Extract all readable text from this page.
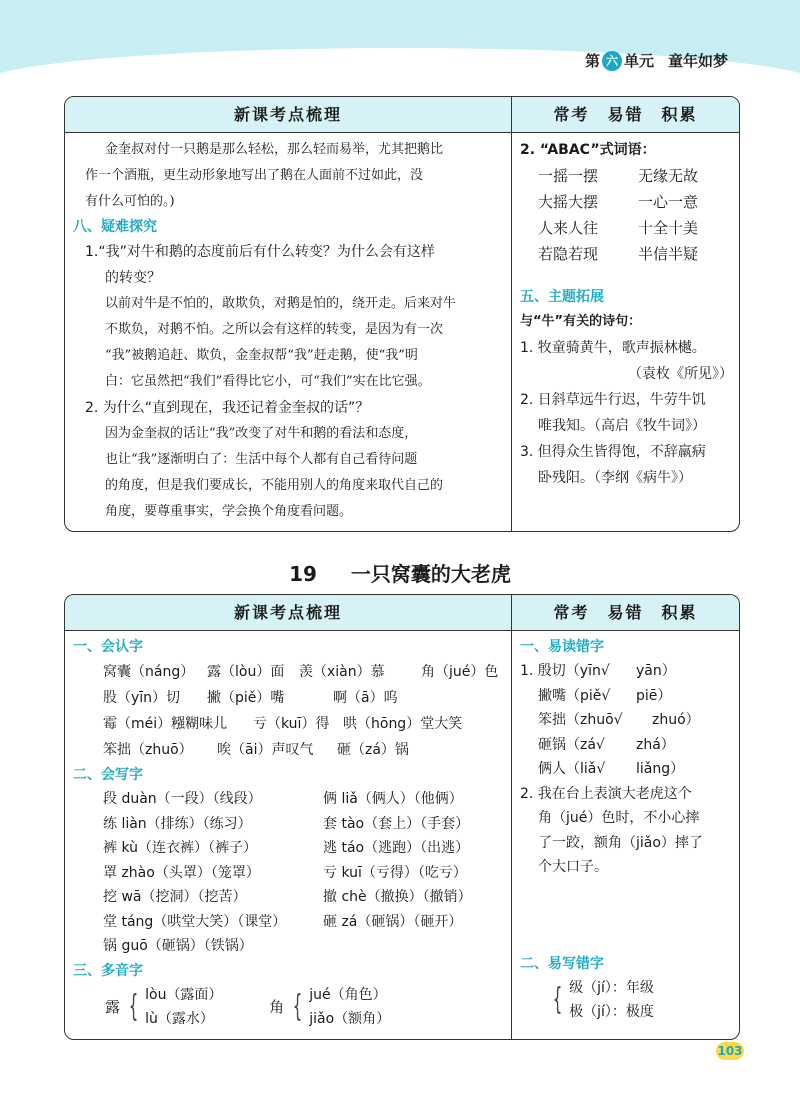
第 六 单元 童年如梦
新课考点梳理	常考 易错 积累
金奎叔对付一只鹅是那么轻松，那么轻而易举，尤其把鹅比
作一个酒瓶，更生动形象地写出了鹅在人面前不过如此，没
有什么可怕的。)
八、疑难探究
1.“我”对牛和鹅的态度前后有什么转变？为什么会有这样
的转变？
以前对牛是不怕的，敢欺负，对鹅是怕的，绕开走。后来对牛
不欺负，对鹅不怕。之所以会有这样的转变，是因为有一次
“我”被鹅追赶、欺负，金奎叔帮“我”赶走鹅，使“我”明
白：它虽然把“我们”看得比它小，可“我们”实在比它强。
2. 为什么“直到现在，我还记着金奎叔的话”？
因为金奎叔的话让“我”改变了对牛和鹅的看法和态度，
也让“我”逐渐明白了：生活中每个人都有自己看待问题
的角度，但是我们要成长，不能用别人的角度来取代自己的
角度，要尊重事实，学会换个角度看问题。
2. “ABAC”式词语：
一摇一摆	无缘无故
大摇大摆	一心一意
人来人往	十全十美
若隐若现	半信半疑
五、主题拓展
与“牛”有关的诗句：
1. 牧童骑黄牛，歌声振林樾。
（袁枚《所见》）
2. 日斜草远牛行迟，牛劳牛饥
唯我知。（高启《牧牛词》）
3. 但得众生皆得饱，不辞羸病
卧残阳。（李纲《病牛》）
19 一只窝囊的大老虎
新课考点梳理	常考 易错 积累
一、会认字
窝囊（náng） 露（lòu）面	羡（xiàn）慕	角（jué）色
股（yīn）切	撇（piě）嘴	啊（ā）呜
霉（méi）糨糊味儿	亏（kuī）得 哄（hōng）堂大笑
笨拙（zhuō）	唉（āi）声叹气	砸（zá）锅
二、会写字
段 duàn（一段）（线段）	俩 liǎ（俩人）（他俩）
练 liàn（排练）（练习）	套 tào（套上）（手套）
裤 kù（连衣裤）（裤子）	逃 táo（逃跑）（出逃）
罩 zhào（头罩）（笼罩）	亏 kuī（亏得）（吃亏）
挖 wā（挖洞）（挖苦）	撤 chè（撤换）（撤销）
堂 táng（哄堂大笑）（课堂）	砸 zá（砸锅）（砸开）
锅 guō（砸锅）（铁锅）
三、多音字
露 { lòu（露面）
lù（露水）
角 { jué（角色）
jiǎo（额角）
一、易读错字
1. 殷切（yīn√	yān）
撇嘴（piě√	piē）
笨拙（zhuō√	zhuó）
砸锅（zá√	zhá）
俩人（liǎ√	liǎng）
2. 我在台上表演大老虎这个
角（jué）色时，不小心摔
了一跤，额角（jiǎo）摔了
个大口子。
二、易写错字
{ 级（jí）：年级
极（jí）：极度
103
